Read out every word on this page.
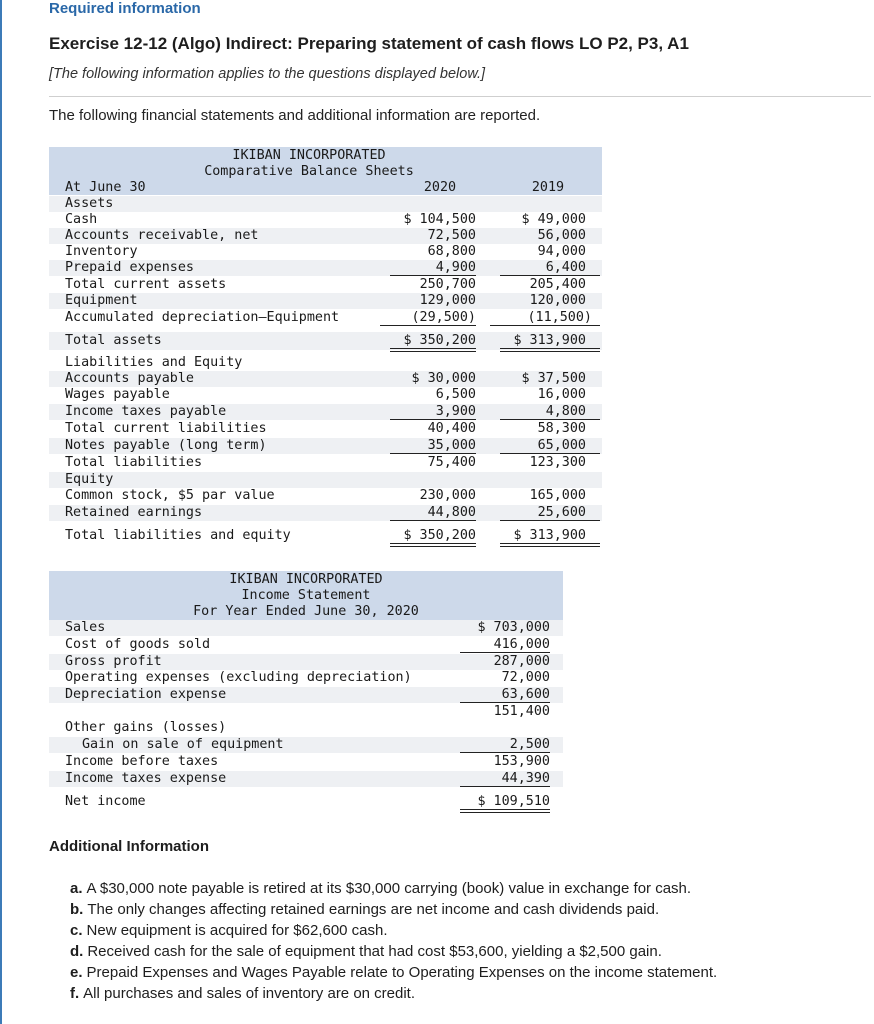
Required information
Exercise 12-12 (Algo) Indirect: Preparing statement of cash flows LO P2, P3, A1
[The following information applies to the questions displayed below.]
The following financial statements and additional information are reported.
IKIBAN INCORPORATED
Comparative Balance Sheets
At June 30	2020	2019
Assets
Cash	$ 104,500	$ 49,000
Accounts receivable, net	72,500	56,000
Inventory	68,800	94,000
Prepaid expenses	4,900	6,400
Total current assets	250,700	205,400
Equipment	129,000	120,000
Accumulated depreciation—Equipment	(29,500)	(11,500)
Total assets	$ 350,200	$ 313,900
Liabilities and Equity
Accounts payable	$ 30,000	$ 37,500
Wages payable	6,500	16,000
Income taxes payable	3,900	4,800
Total current liabilities	40,400	58,300
Notes payable (long term)	35,000	65,000
Total liabilities	75,400	123,300
Equity
Common stock, $5 par value	230,000	165,000
Retained earnings	44,800	25,600
Total liabilities and equity	$ 350,200	$ 313,900
IKIBAN INCORPORATED
Income Statement
For Year Ended June 30, 2020
Sales	$ 703,000
Cost of goods sold	416,000
Gross profit	287,000
Operating expenses (excluding depreciation)	72,000
Depreciation expense	63,600
151,400
Other gains (losses)
Gain on sale of equipment	2,500
Income before taxes	153,900
Income taxes expense	44,390
Net income	$ 109,510
Additional Information
a. A $30,000 note payable is retired at its $30,000 carrying (book) value in exchange for cash.
b. The only changes affecting retained earnings are net income and cash dividends paid.
c. New equipment is acquired for $62,600 cash.
d. Received cash for the sale of equipment that had cost $53,600, yielding a $2,500 gain.
e. Prepaid Expenses and Wages Payable relate to Operating Expenses on the income statement.
f. All purchases and sales of inventory are on credit.
